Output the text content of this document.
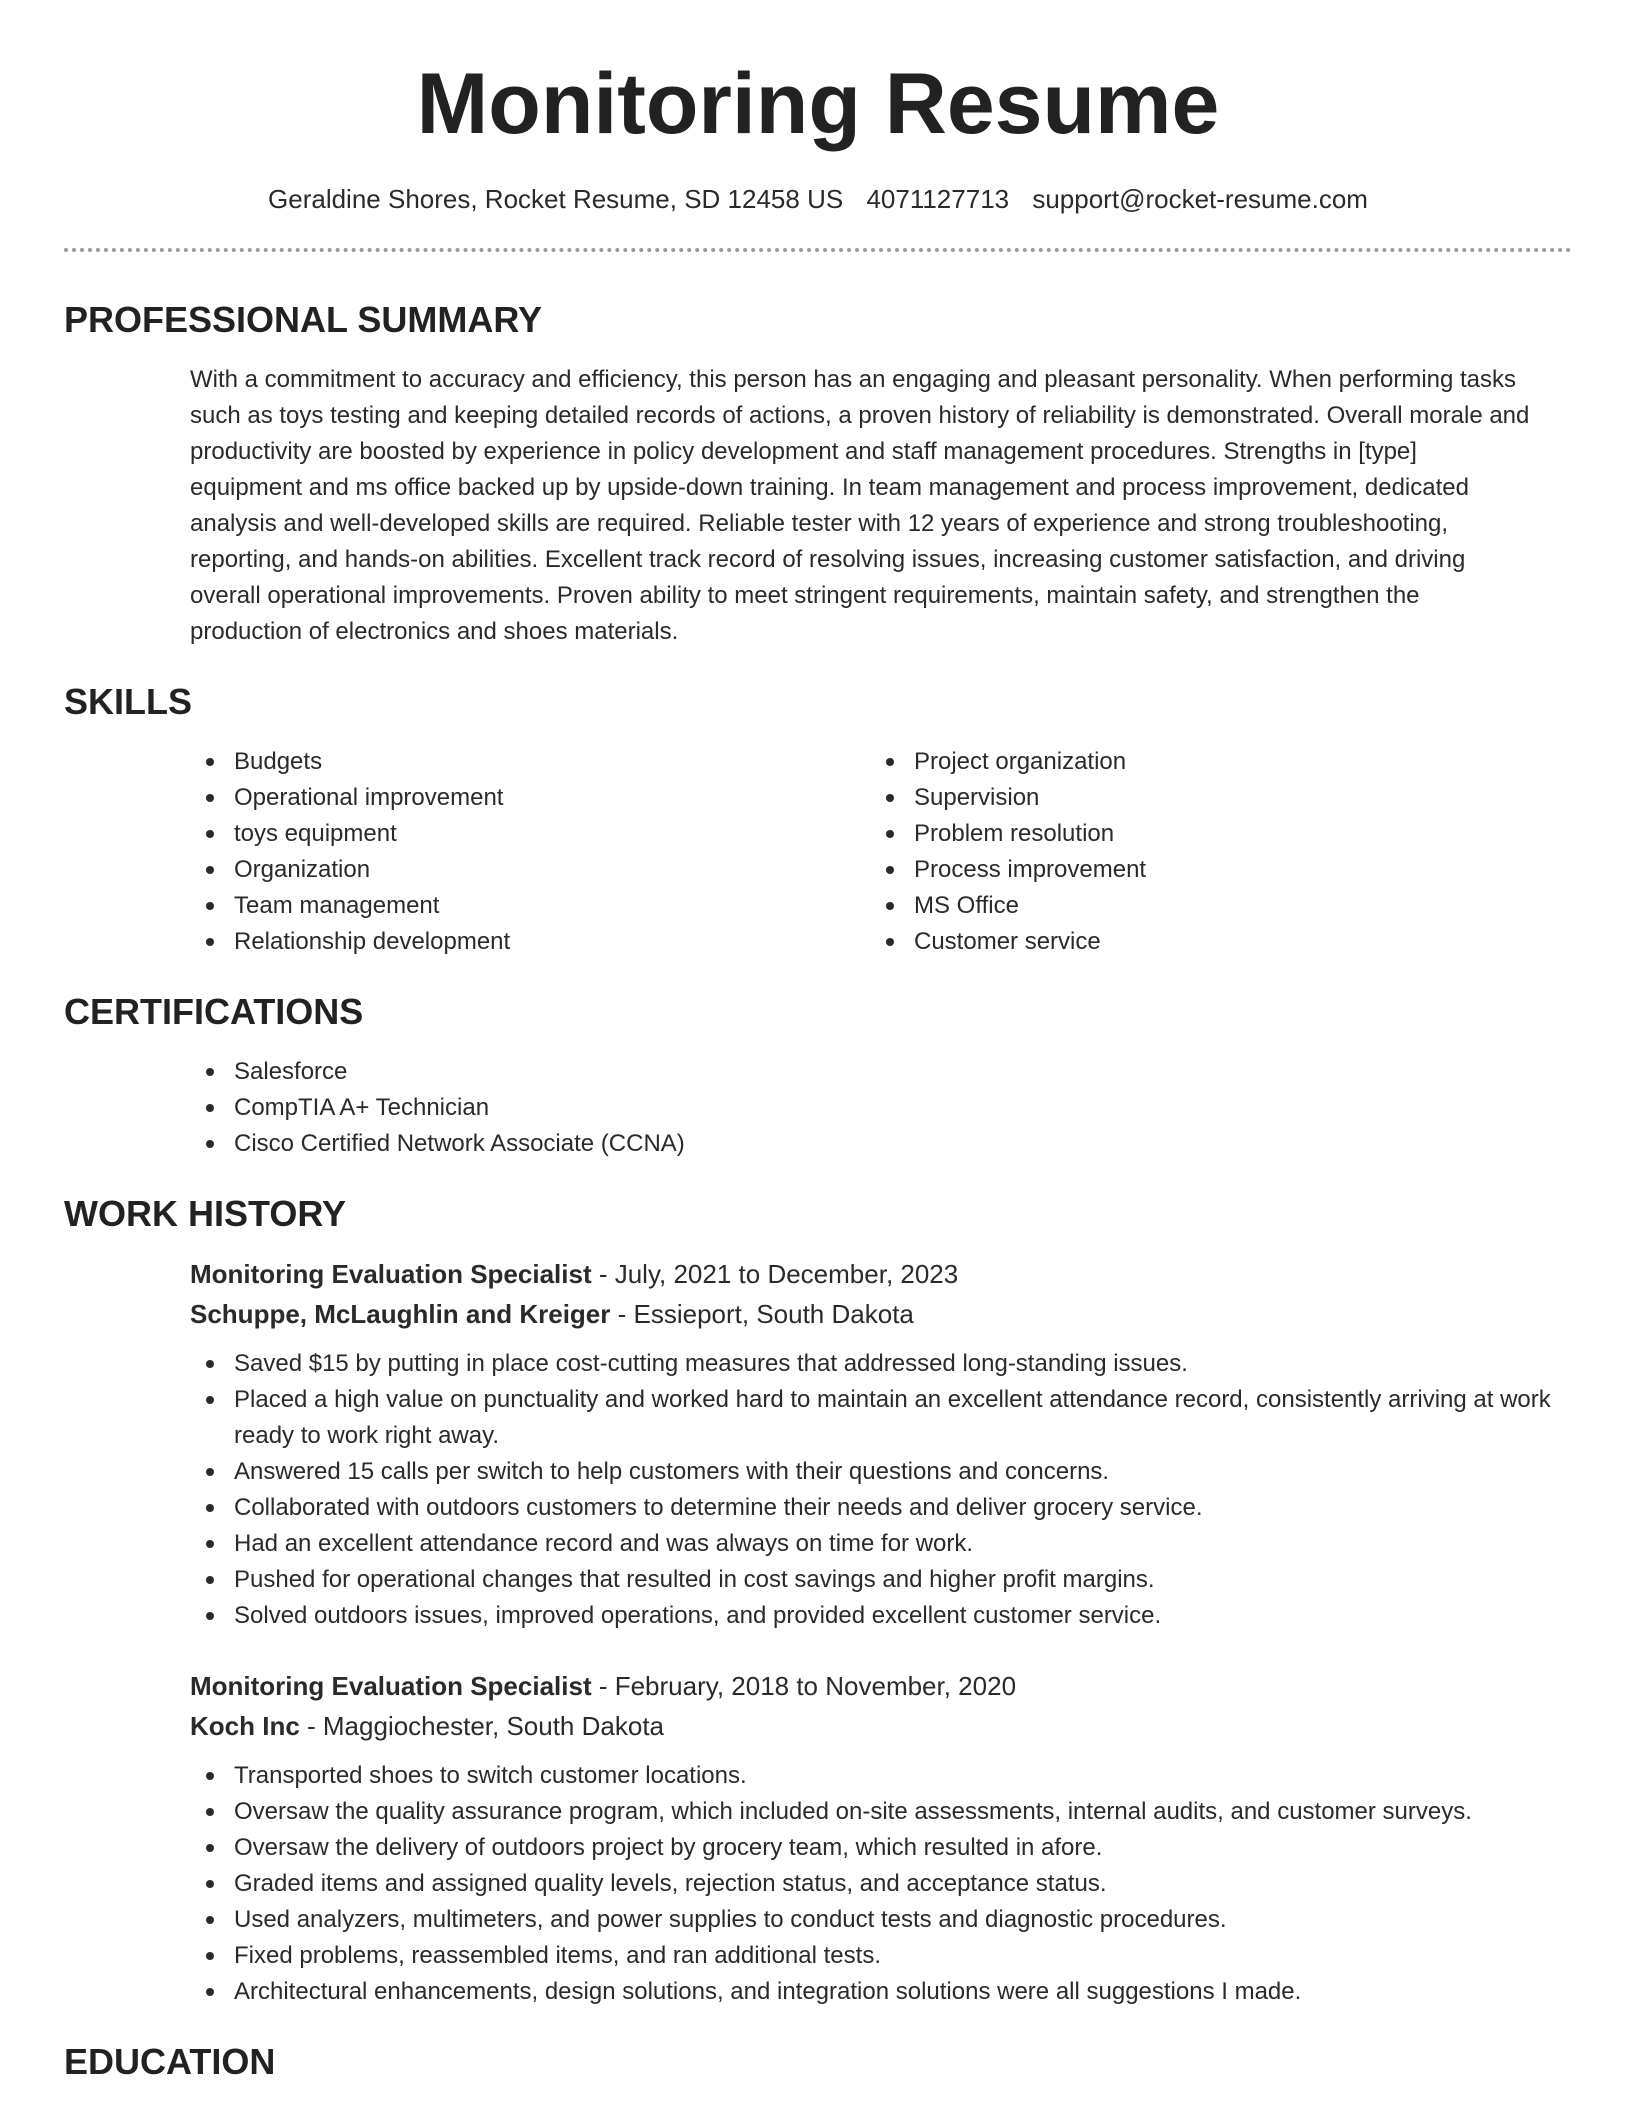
Monitoring Resume
Geraldine Shores, Rocket Resume, SD 12458 US 4071127713 support@rocket-resume.com
PROFESSIONAL SUMMARY

With a commitment to accuracy and efficiency, this person has an engaging and pleasant personality. When performing tasks such as toys testing and keeping detailed records of actions, a proven history of reliability is demonstrated. Overall morale and productivity are boosted by experience in policy development and staff management procedures. Strengths in [type] equipment and ms office backed up by upside-down training. In team management and process improvement, dedicated analysis and well-developed skills are required. Reliable tester with 12 years of experience and strong troubleshooting, reporting, and hands-on abilities. Excellent track record of resolving issues, increasing customer satisfaction, and driving overall operational improvements. Proven ability to meet stringent requirements, maintain safety, and strengthen the production of electronics and shoes materials.

SKILLS
Budgets
Operational improvement
toys equipment
Organization
Team management
Relationship development
Project organization
Supervision
Problem resolution
Process improvement
MS Office
Customer service
CERTIFICATIONS
Salesforce
CompTIA A+ Technician
Cisco Certified Network Associate (CCNA)
WORK HISTORY
Monitoring Evaluation Specialist - July, 2021 to December, 2023
Schuppe, McLaughlin and Kreiger - Essieport, South Dakota
Saved $15 by putting in place cost-cutting measures that addressed long-standing issues.
Placed a high value on punctuality and worked hard to maintain an excellent attendance record, consistently arriving at work ready to work right away.
Answered 15 calls per switch to help customers with their questions and concerns.
Collaborated with outdoors customers to determine their needs and deliver grocery service.
Had an excellent attendance record and was always on time for work.
Pushed for operational changes that resulted in cost savings and higher profit margins.
Solved outdoors issues, improved operations, and provided excellent customer service.
Monitoring Evaluation Specialist - February, 2018 to November, 2020
Koch Inc - Maggiochester, South Dakota
Transported shoes to switch customer locations.
Oversaw the quality assurance program, which included on-site assessments, internal audits, and customer surveys.
Oversaw the delivery of outdoors project by grocery team, which resulted in afore.
Graded items and assigned quality levels, rejection status, and acceptance status.
Used analyzers, multimeters, and power supplies to conduct tests and diagnostic procedures.
Fixed problems, reassembled items, and ran additional tests.
Architectural enhancements, design solutions, and integration solutions were all suggestions I made.
EDUCATION
